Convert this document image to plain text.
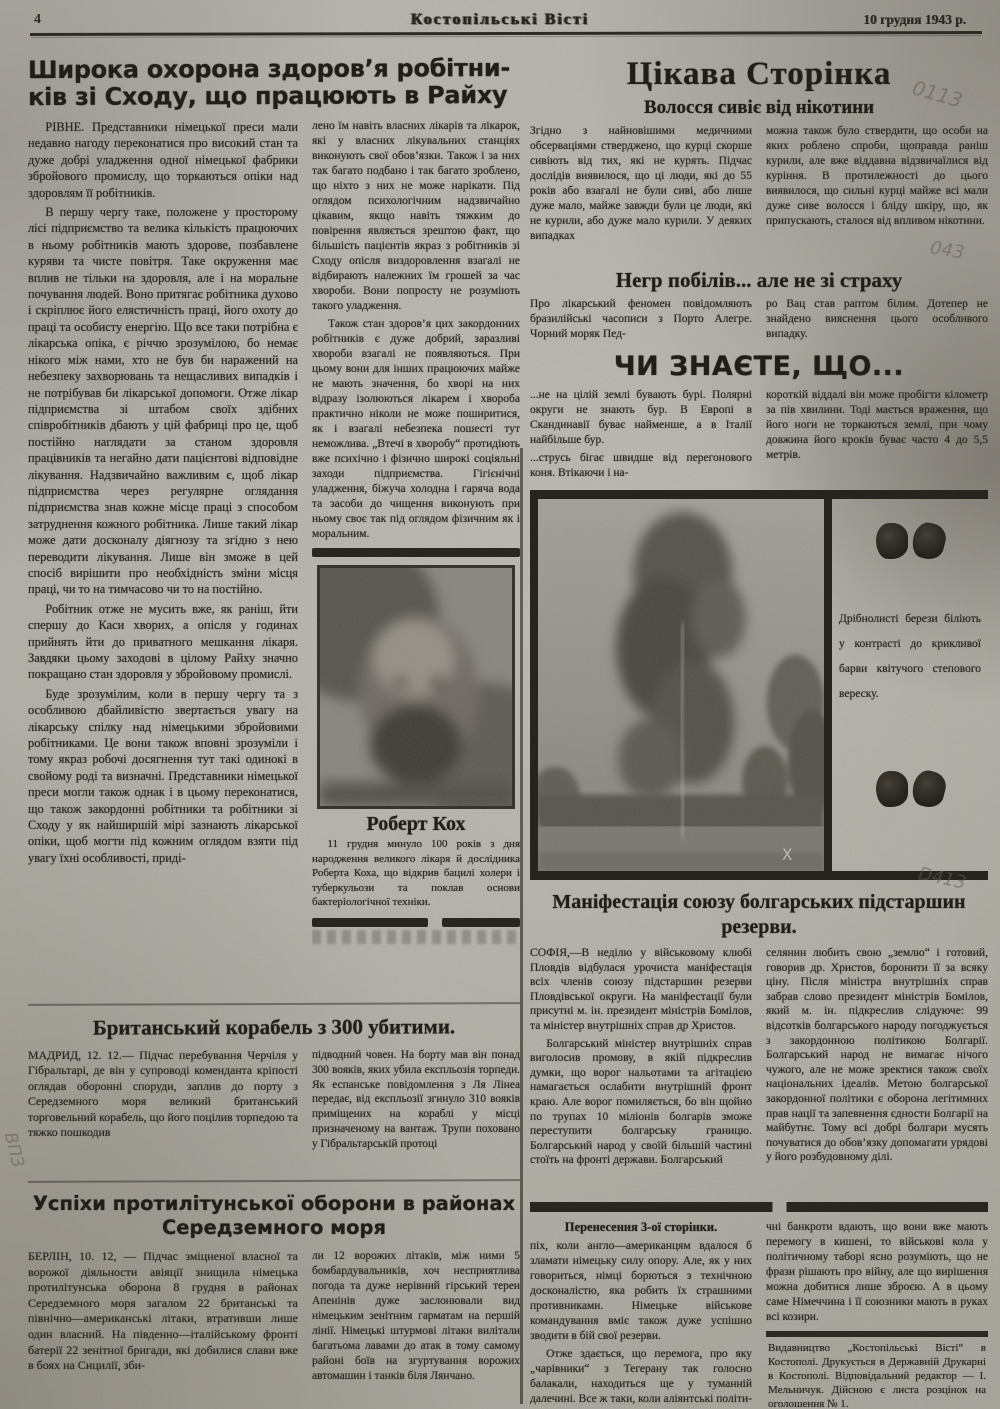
4	Костопільські Вісті	10 грудня 1943 р.
Широка охорона здоров’я робітни-
ків зі Сходу, що працюють в Райху

РІВНЕ. Представники німецької преси мали недавно нагоду переконатися про високий стан та дуже добрі уладження одної німецької фабрики збройового промислу, що торкаються опіки над здоровлям її робітників.

В першу чергу таке, положене у просторому лісі підприємство та велика кількість працюючих в ньому робітників мають здорове, позбавлене куряви та чисте повітря. Таке окруження має вплив не тільки на здоровля, але і на моральне почування людей. Воно притягає робітника духово і скріплює його елястичність праці, його охоту до праці та особисту енергію. Що все таки потрібна є лікарська опіка, є річчю зрозумілою, бо немає нікого між нами, хто не був би наражений на небезпеку захворювань та нещасливих випадків і не потрібував би лікарської допомоги. Отже лікар підприємства зі штабом своїх здібних співробітників дбають у цій фабриці про це, щоб постійно наглядати за станом здоровля працівників та негайно дати пацієнтові відповідне лікування. Надзвичайно важливим є, щоб лікар підприємства через регулярне оглядання підприємства знав кожне місце праці з способом затруднення кожного робітника. Лише такий лікар може дати досконалу діягнозу та згідно з нею переводити лікування. Лише він зможе в цей спосіб вирішити про необхідність зміни місця праці, чи то на тимчасово чи то на постійно.

Робітник отже не мусить вже, як раніш, йти спершу до Каси хворих, а опісля у годинах прийнять йти до приватного мешкання лікаря. Завдяки цьому заходові в цілому Райху значно покращано стан здоровля у збройовому промислі.

Буде зрозумілим, коли в першу чергу та з особливою дбайливістю звертається увагу на лікарську спілку над німецькими збройовими робітниками. Це вони також вповні зрозуміли і тому якраз робочі досягнення тут такі одинокі в свойому роді та визначні. Представники німецької преси могли також однак і в цьому переконатися, що також закордонні робітники та робітники зі Сходу у як найширшій мірі зазнають лікарської опіки, щоб могти під кожним оглядом взяти під увагу їхні особливості, приді-

лено їм навіть власних лікарів та лікарок, які у власних лікувальних станціях виконують свої обов’язки. Також і за них так багато подбано і так багато зроблено, що ніхто з них не може нарікати. Під оглядом психологічним надзвичайно цікавим, якщо навіть тяжким до повірення являється зрештою факт, що більшість пацієнтів якраз з робітників зі Сходу опісля виздоровлення взагалі не відбирають належних їм грошей за час хвороби. Вони попросту не розуміють такого уладження.

Також стан здоров’я цих закордонних робітників є дуже добрий, заразливі хвороби взагалі не появляються. При цьому вони для інших працюючих майже не мають значення, бо хворі на них відразу ізолюються лікарем і хвороба практично ніколи не може поширитися, як і взагалі небезпека пошесті тут неможлива. „Втечі в хворобу“ протидіють вже психічно і фізично широкі соціяльні заходи підприємства. Гігієнічні уладження, біжуча холодна і гаряча вода та засоби до чищення виконують при ньому своє так під оглядом фізичним як і моральним.

Роберт Кох

11 грудня минуло 100 років з дня народження великого лікаря й дослідника Роберта Коха, що відкрив бацилі холери і туберкульози та поклав основи бактеріологічної техніки.

Британський корабель з 300 убитими.

МАДРИД, 12. 12.— Підчас перебування Черчіля у Гібральтарі, де він у супроводі коменданта кріпості оглядав оборонні споруди, заплив до порту з Середземного моря великий британський торговельний корабель, що його поцілив торпедою та тяжко пошкодив

підводний човен. На борту мав він понад 300 вояків, яких убила експльозія торпеди. Як еспанське повідомлення з Ля Лінеа передає, від експльозії згинуло 310 вояків приміщених на кораблі у місці призначеному на вантаж. Трупи поховано у Гібральтарській протоці

Успіхи протилітунської оборони в районах
Середземного моря

БЕРЛІН, 10. 12, — Підчас зміцненої власної та ворожої діяльности авіяції знищила німецька протилітунська оборона 8 грудня в районах Середземного моря загалом 22 британські та північно—американські літаки, втративши лише один власний. На південно—італійському фронті батерії 22 зенітної бригади, які добилися слави вже в боях на Сицилії, зби-

ли 12 ворожих літаків, між ними 5 бомбардувальників, хоч несприятлива погода та дуже нерівний гірський терен Апенінів дуже заслонювали вид німецьким зенітним гарматам на першій лінії. Німецькі штурмові літаки вилітали багатьома лавами до атак в тому самому районі боїв на згуртування ворожих автомашин і танків біля Лянчано.

Цікава Сторінка
Волосся сивіє від нікотини

Згідно з найновішими медичними обсерваціями стверджено, що курці скорше сивіють від тих, які не курять. Підчас дослідів виявилося, що ці люди, які до 55 років або взагалі не були сиві, або лише дуже мало, майже завжди були це люди, які не курили, або дуже мало курили. У деяких випадках

можна також було ствердити, що особи на яких роблено спроби, щоправда раніш курили, але вже віддавна відзвичаїлися від куріння. В протилежності до цього виявилося, що сильні курці майже всі мали дуже сиве волосся і бліду шкіру, що, як припускають, сталося від впливом нікотини.

Негр побілів... але не зі страху

Про лікарський феномен повідомляють бразилійські часописи з Порто Алегре. Чорний моряк Пед-

ро Вац став раптом білим. Дотепер не знайдено вияснення цього особливого випадку.

ЧИ ЗНАЄТЕ, ЩО...

...не на цілій землі бувають бурі. Полярні округи не знають бур. В Европі в Скандинавії буває найменше, а в Італії найбільше бур.

...струсь бігає швидше від перегонового коня. Втікаючи і на-

короткій віддалі він може пробігти кілометр за пів хвилини. Тоді мається враження, що його ноги не торкаються землі, при чому довжина його кроків буває часто 4 до 5,5 метрів.

X

Дрібнолисті берези біліють у контрасті до крикливої барви квітучого степового вереску.

Маніфестація союзу болгарських підстаршин
резерви.

СОФІЯ,—В неділю у військовому клюбі Пловдів відбулася урочиста маніфестація всіх членів союзу підстаршин резерви Пловдівської округи. На маніфестації були присутні м. ін. президент міністрів Бомілов, та міністер внутрішніх справ др Христов.

Болгарський міністер внутрішніх справ виголосив промову, в якій підкреслив думки, що ворог нальотами та агітацією намагається ослабити внутрішній фронт краю. Але ворог помиляється, бо він щойно по трупах 10 міліонів болгарів зможе переступити болгарську границю. Болгарський народ у своїй більшій частині стоїть на фронті держави. Болгарський

селянин любить свою „землю“ і готовий, говорив др. Христов, боронити її за всяку ціну. Після міністра внутрішніх справ забрав слово президент міністрів Бомілов, який м. ін. підкреслив слідуюче: 99 відсотків болгарського народу погоджується з закордонною політикою Болгарії. Болгарський народ не вимагає нічого чужого, але не може зректися також своїх національних ідеалів. Метою болгарської закордонної політики є оборона легітимних прав нації та запевнення єдности Болгарії на майбутнє. Тому всі добрі болгари мусять почуватися до обов’язку допомагати урядові у його розбудовному ділі.

Перенесення 3-ої сторінки.

піх, коли англо—американцям вдалося б зламати німецьку силу опору. Але, як у них говориться, німці борються з технічною досконалістю, яка робить їх страшними противниками. Німецьке військове командування вміє також дуже успішно зводити в бій свої резерви.

Отже здається, що перемога, про яку „чарівники“ з Тегерану так голосно балакали, находиться ще у туманній далечині. Все ж таки, коли аліянтські політи-

чні банкроти вдають, що вони вже мають перемогу в кишені, то військові кола у політичному таборі ясно розуміють, що не фрази рішають про війну, але що вирішення можна добитися лише зброєю. А в цьому саме Німеччина і її союзники мають в руках всі козири.

Видавництво „Костопільські Вісті“ в Костополі. Друкується в Державній Друкарні в Костополі. Відповідальний редактор — І. Мельничук. Дійсною є листа розцінок на оголошення № 1.
0113
043
D413
ВПЗ
